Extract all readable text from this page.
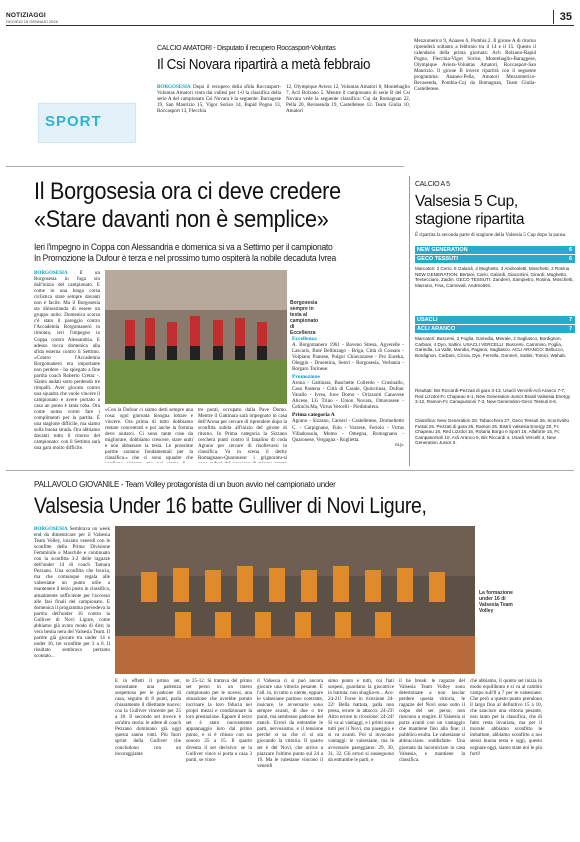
NOTIZIAGGI
GIOVEDÌ 15 GENNAIO 2026	35
SPORT
CALCIO AMATORI - Disputato il recupero Roccasport-Voluntas
Il Csi Novara ripartirà a metà febbraio

BORGOSESIA Dopo il recupero della sfida Roccasport-Voluntas Amatori vinta dai vallesi per 1-0 la classifica della serie A del campionato Csi Novara è la seguente: Burragese 19, San Maurizio 15, Vigor Soriso 14, Bapid Pogno 13, Roccasport 13, Flecchia

12, Olympique Aviera 12, Voluntas Amatori 8, Montebaglio 7, Acli Bolzano 5. Mentre il campionato di serie B del Csi Novara vede la seguente classifica: Cuj da Rumagnan 22, Pella 20, Revasenda 19, Castelletese 12. Team Giulia 10, Amatori

Mezzomerico 9, Ananeo 6, Pombia 2. Il girone A di ritorno riprenderà soltanto a febbraio tra il 14 e il 15. Questo il calendario della prima giornata: Acli Bolzano-Rapid Pogno, Flecchia-Vigor Soriso, Montebaglio-Baraggese, Olympique Aviera-Voluntas Amatori, Roccasport-San Maurizio. Il girone B invece ripartirà con il seguente programma: Ananeo-Pella, Amatori Mezzomerico-Revasenda, Pombia-Cuj da Rumagnan, Team Giulia-Castelletese.

Il Borgosesia ora ci deve credere
«Stare davanti non è semplice»
Ieri l'impegno in Coppa con Alessandria e domenica si va a Settimo per il campionato
In Promozione la Dufour è terza e nel prossimo turno ospiterà la nobile decaduta Ivrea

BORGOSESIA È un Borgosesia in fuga sin dall'inizio del campionato. E come in una lunga corsa ciclistica stare sempre davanti non è facile. Ma il Borgosesia sta dimostrando di essere un gruppo unito. Domenica scorsa c'è stato il pareggio contro l'Accademia Borgomanero in rimonta, ieri l'impegno in Coppa contro Alessandria. E adesso tocca domenica alla sfida esterna contro il Settimo. «Contro l'Accademia Borgomanero era importante non perdere - ha spiegato a fine partita coach Roberto Cretaz -. Siamo andati sotto perdendo tre rimpalli. Aver giocato contro una squadra che vuole vincere il campionato e avere portato a casa un punto è tanta roba. Ora come uomo vorrei fare i complimenti per la partita. È una stagione difficile, ma siamo sulla buona strada. Ora abbiamo davanti tutto il ritorno del campionato: con il Settimo sarà una gara molto difficile.

Borgosesia sempre in testa al campionato di Eccellenza

«Con la Dufour ci siamo detti sempre una cosa: ogni giornata bisogna lottare e vincere. Ora prima di tutto dobbiamo restare concentrati e poi anche la fortuna deve aiutarci. Ci sono tante cose da migliorare, dobbiamo crescere, stare uniti e non abbassare la testa. Le prossime partite saranno fondamentali per la classifica.» che ci sono squadre che

tre punti, occupato dalla Pave Domo. Mentre il Gattinara sarà impegnato in casa dell'Arona per cercare di riprendere dopo la sconfitta subita all'inizio del girone di ritorno. In Prima categoria la Sizzano cercherà punti contro il fanalino di coda Agrano per cercare di risollevarsi in classifica. Va in scena il derby Romagnano-Quaronese: i grignoratu-si

Eccellenza

A. Borgomanero 1961 - Baveno Stresa, Agyerelle - Lascaris, Bulé Bellinzago - Briga, Città di Cossato - Volpiano Pianese, Pulgor Chiavazzese - Pro Eureka, Oleggio - Druentina, Sestri - Borgosesia, Verbania - Borgaro Torinese.

Promozione

Arona - Gattinara, Baschette Collerdo - Crusinallo, Casa Pastena - Città di Casale, Quinctiusa, Dufour Varallo - Ivrea, Juve Domo - Orizzonti Canavese Alicese, LG Trino - Union Novara, Omavasese - CelincIs.Ma, Virtus Vercelli - Piedimulera.

Prima categoria A

Agrano - Sizzano, Carneri - Castelletese, Dormelletto C. - Carpignano, Fulo - Varzese, Feriolo - Virtus Villadossola, Momo - Omegna, Romagnano - Quaronese, Vergagna - Roglietta.

m.p.
CALCIO A 5
Valsesia 5 Cup, stagione ripartita

È ripartita la seconda parte di stagione della Valsesia 5 Cup dopo la pausa.

NEW GENERATION	6
GECO TESSUTI	6

Marcatori: 2 Cerio, 5 Galardi, 3 Mughetto, 3 Andreoletti, Moschetti, 2 Rosina NEW GENERATION: Bertani, Cario, Galardi, Giacomini, Girardi, Mughetto, Tentecciaro, Zaidin. GECO TESSUTI: Zanderri, Sampietro, Rosina, Moschetti, Marrano, Fina, Carnevali, Andreoletti.

USACLI	7
ACLI ARANCO	7

Marcatori: Buscemi, 2 Foglia, Gariedla, Mierale, 2 Sagliasco, Bordignon, Carbani, 4 Dyo, Saltini. USACLI VERCELLI: Buscemi, Cammino, Foglia, Gariedla, La Valle, Mandia, Pagano, Sagliasco. ACLI ARANCO: Bellucco, Bordignon, Carbani, Ciccia, Dyo, Ferrella, Gonneri, Saltini, Tomici, Wahab.

Risultati: Bis Riccardi-Pezzati di gara 3-13, Usacli Vercelli-Acli Aranco 7-7, Red Lizzdol-Fc Chapeau 6-1, New Generation-Junior Brasil Valsesia Energy 3-12, Ramon-Fc Canapussoni 7-3, New Generation-Geco Tessuti 6-6.

Classifica: New Generation 28, Tabacchera 27, Geco Tessuti 26, Scorrivolto Futsal 25, Pezzati di gara 25, Ramon 25, Bistrò valsesia Energy 20, Fc Chapeau 16, Red Lizzdol 16, Rotaria Borgo e Sport 16, Allaforte 15, Fc Campasorsoli 10, Acli Aranco 5, Bis Riccardi 4, Usacli Vercelli 4, New Generation Junior 0.

PALLAVOLO GIOVANILE - Team Volley protagonista di un buon avvio nel campionato under
Valsesia Under 16 batte Gulliver di Novi Ligure,

BORGOSESIA Sembrava un week end da dimenticare per il Valsesia Team Volley, iniziato venerdì con le sconfitte della Prima Divisione Femminile e Maschile e continuato con la sconfitta 3-2 delle ragazze dell'under 14 di coach Tamara Pezzano. Una sconfitta che brucia, ma che comunque regala alle valsesiane un punto utile a mantenere il terzo posto in classifica, attualmente sufficiente per l'accesso alle fasi finali del campionato. E domenica il programma prevedeva la partita dell'under 16 contro la Gulliver di Novi Ligure, come abbiamo già avuto modo di dire; la vera bestia nera del Valsesia Team. Il partite già giocate tra under 14 e under 16, tre sconfitte per 3 a 0. Il risultato sembrava pertanto scontato...

La formazione under 16 di Valsesia Team Volley

E in effetti il primo set, nonostante una partenza sospettosa per le padrone di casa, seguito di 8 punti, parla chiaramente il dilettante nuovo: coa la Gulliver vincente per 25 a 18. Il secondo set invece è un'altra storia: le atlete di coach Pezzano dominano già oggi questa sanno vinti. Più fuori sprint della Gulliver che concludono con un incoraggiante

te 25-12. Si trattava del primo set perso in un intero campionato per le novesi, una situazione che avrebbe potuto incrinare la loro fiducia nei propri mezzi e condizionare la loro prestazione. Eppure il terzo set è stato nuovamente appannaggio loro dal primo punto, e si è chiuso con un sonoro 25 a 15. Il quarto diventa il set decisivo: se la Gulliver vince si porta a casa 3 punti, se vince

il Valsesia ci si può ancora giocare una vittoria pesante. E l'all. in, in tutto o niente, eppure le valsesiane partono contratte, insicure, le avversarie sono sempre avanti, di due o tre punti, ma sembrano padrone del match. Errori da entrambe le parti, nervosismo, e il tensione perché si sa che ci si sta giocando la vittoria. Il quarto set è del Novi, che arriva a piazzare l'ultimo punto sul 24 a 19. Ma le valesiane vincono il venerdì

simo punto e tutti, coi fiati sospesi, guardano la giocatrice in battuta: non sbaglia-re... Ace: 24-21! Forse in ricezione 24-22! Bella battuta, palla non presa, errore in attacco: 24-23! Altro errore in ricezione: 24-24! Si va ai vantaggi, e i primi sono tutti per il Novi, ma paseggio e si va avanti. Poi si invocano vantaggi: le valsesiane, ma le avversarie pareggiano: 29, 30, 31, 32. Gli errori si susseguono da entrambe le parti, e

il tie break: le ragazze del Valsesia Team Volley sono determinate a non lasciar perdere questa vittoria, le ragazze del Novi sono sotto il colpo del set perso, non riescono a reagire. Il Valsesia si porta avanti con un vantaggio che mantiene fino alla fine: il pubblico esulta. Le valsesiane si abbracciano soddisfatte. Una giornata da incorniciare in casa Valsesia, e mantiene la classifica.

ché abbiamo, il quinto set inizia in modo equilibrato e si va al cambio campo sull'8 a 7 per le valsesiane. Che però a questo punto prendono il largo fino al definitivo 15 a 10, che sancisce una vittoria pesante, non tanto per la classifica, che di fatto resta invariata, ma per il morale: abbiamo sconfitto le imbattute, abbiamo sconfitto a noi stessi buona testa e oggi, questo sognare oggi, siamo state noi le più forti!
